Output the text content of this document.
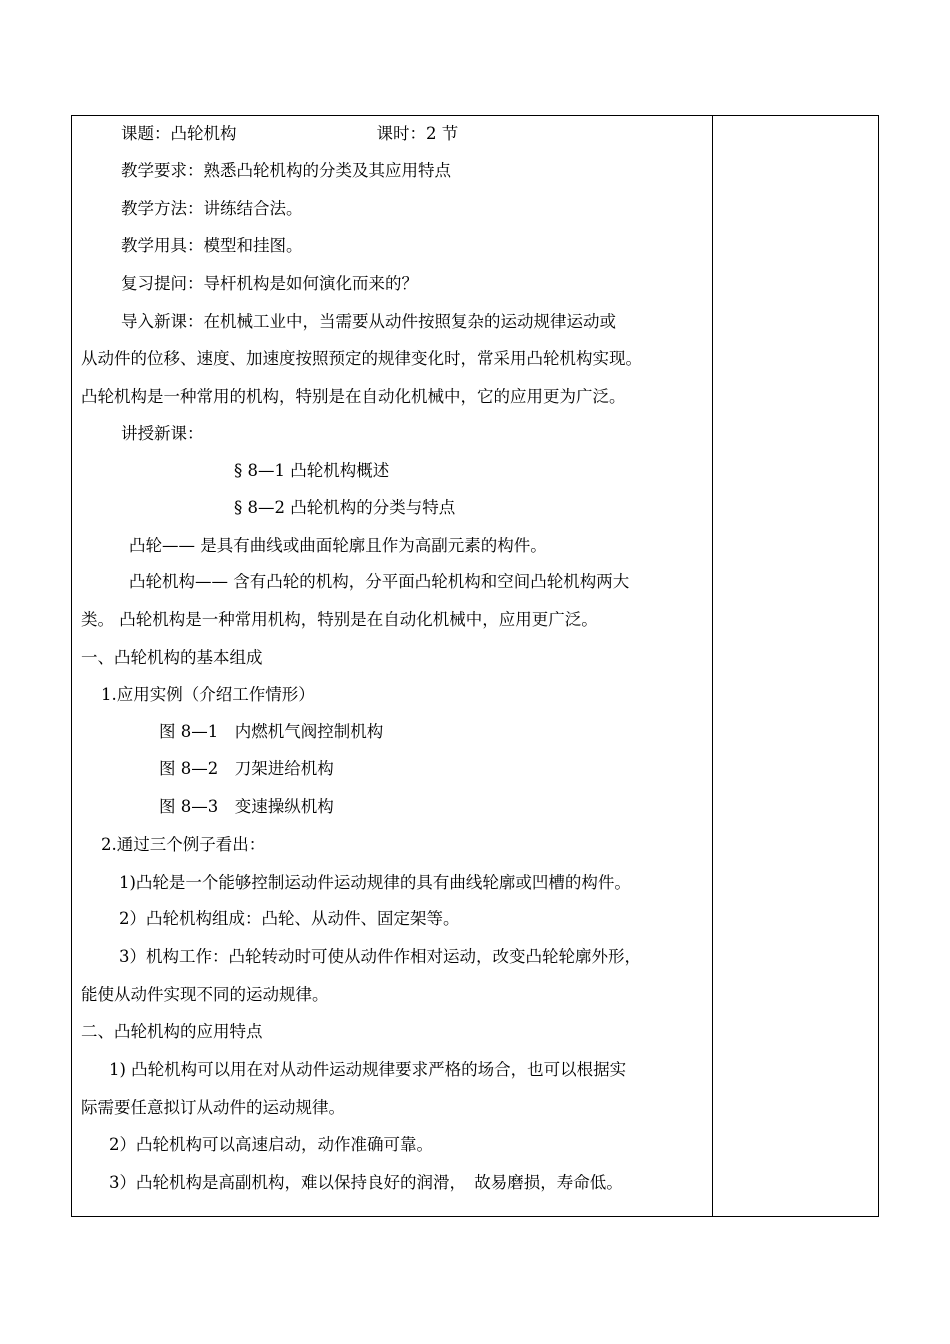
课题：凸轮机构	课时：2 节
教学要求：熟悉凸轮机构的分类及其应用特点
教学方法：讲练结合法。
教学用具：模型和挂图。
复习提问：导杆机构是如何演化而来的？
导入新课：在机械工业中，当需要从动件按照复杂的运动规律运动或
从动件的位移、速度、加速度按照预定的规律变化时，常采用凸轮机构实现。
凸轮机构是一种常用的机构，特别是在自动化机械中，它的应用更为广泛。
讲授新课：
§ 8—1 凸轮机构概述
§ 8—2 凸轮机构的分类与特点
凸轮—— 是具有曲线或曲面轮廓且作为高副元素的构件。
凸轮机构—— 含有凸轮的机构，分平面凸轮机构和空间凸轮机构两大
类。 凸轮机构是一种常用机构，特别是在自动化机械中，应用更广泛。
一、凸轮机构的基本组成
1.应用实例（介绍工作情形）
图 8—1　内燃机气阀控制机构
图 8—2　刀架进给机构
图 8—3　变速操纵机构
2.通过三个例子看出：
1)凸轮是一个能够控制运动件运动规律的具有曲线轮廓或凹槽的构件。
2）凸轮机构组成：凸轮、从动件、固定架等。
3）机构工作：凸轮转动时可使从动件作相对运动，改变凸轮轮廓外形，
能使从动件实现不同的运动规律。
二、凸轮机构的应用特点
1) 凸轮机构可以用在对从动件运动规律要求严格的场合，也可以根据实
际需要任意拟订从动件的运动规律。
2）凸轮机构可以高速启动，动作准确可靠。
3）凸轮机构是高副机构，难以保持良好的润滑，　故易磨损，寿命低。
